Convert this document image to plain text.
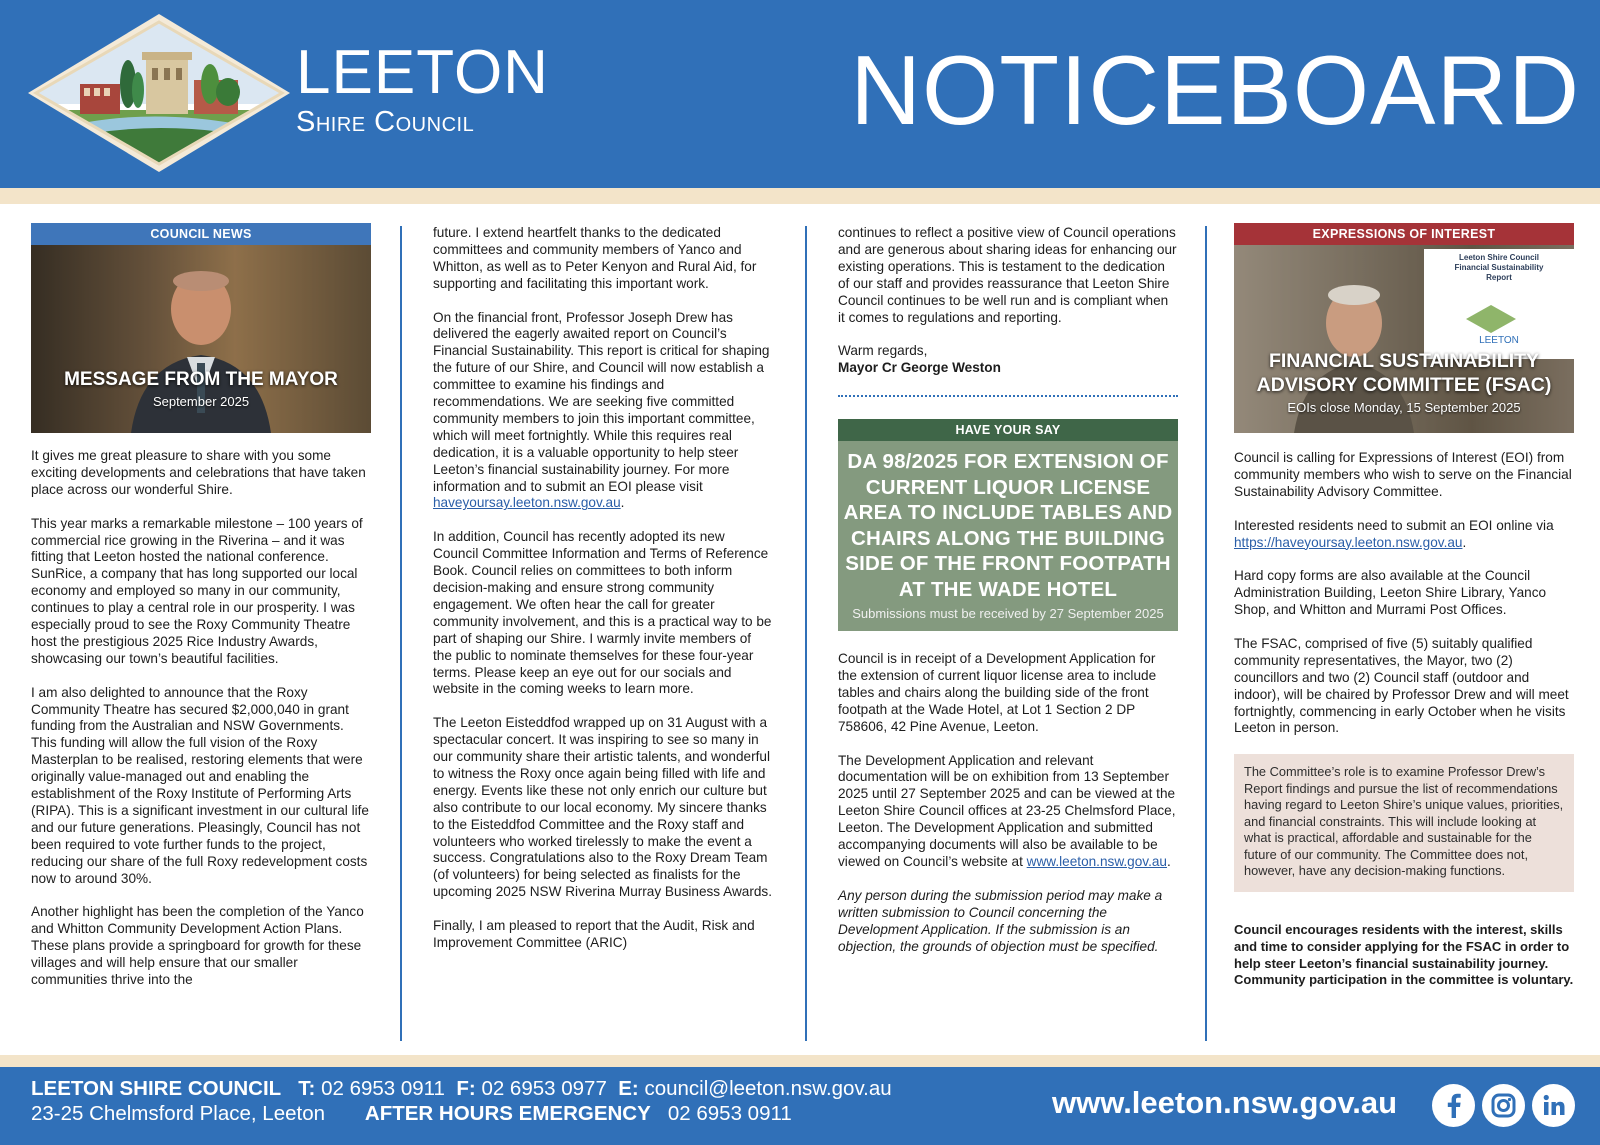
LEETON
Shire Council	NOTICEBOARD
COUNCIL NEWS
MESSAGE FROM THE MAYOR
September 2025

It gives me great pleasure to share with you some exciting developments and celebrations that have taken place across our wonderful Shire.

This year marks a remarkable milestone – 100 years of commercial rice growing in the Riverina – and it was fitting that Leeton hosted the national conference. SunRice, a company that has long supported our local economy and employed so many in our community, continues to play a central role in our prosperity. I was especially proud to see the Roxy Community Theatre host the prestigious 2025 Rice Industry Awards, showcasing our town’s beautiful facilities.

I am also delighted to announce that the Roxy Community Theatre has secured $2,000,040 in grant funding from the Australian and NSW Governments. This funding will allow the full vision of the Roxy Masterplan to be realised, restoring elements that were originally value-managed out and enabling the establishment of the Roxy Institute of Performing Arts (RIPA). This is a significant investment in our cultural life and our future generations. Pleasingly, Council has not been required to vote further funds to the project, reducing our share of the full Roxy redevelopment costs now to around 30%.

Another highlight has been the completion of the Yanco and Whitton Community Development Action Plans. These plans provide a springboard for growth for these villages and will help ensure that our smaller communities thrive into the

future. I extend heartfelt thanks to the dedicated committees and community members of Yanco and Whitton, as well as to Peter Kenyon and Rural Aid, for supporting and facilitating this important work.

On the financial front, Professor Joseph Drew has delivered the eagerly awaited report on Council’s Financial Sustainability. This report is critical for shaping the future of our Shire, and Council will now establish a committee to examine his findings and recommendations. We are seeking five committed community members to join this important committee, which will meet fortnightly. While this requires real dedication, it is a valuable opportunity to help steer Leeton’s financial sustainability journey. For more information and to submit an EOI please visit haveyoursay.leeton.nsw.gov.au.

In addition, Council has recently adopted its new Council Committee Information and Terms of Reference Book. Council relies on committees to both inform decision-making and ensure strong community engagement. We often hear the call for greater community involvement, and this is a practical way to be part of shaping our Shire. I warmly invite members of the public to nominate themselves for these four-year terms. Please keep an eye out for our socials and website in the coming weeks to learn more.

The Leeton Eisteddfod wrapped up on 31 August with a spectacular concert. It was inspiring to see so many in our community share their artistic talents, and wonderful to witness the Roxy once again being filled with life and energy. Events like these not only enrich our culture but also contribute to our local economy. My sincere thanks to the Eisteddfod Committee and the Roxy staff and volunteers who worked tirelessly to make the event a success. Congratulations also to the Roxy Dream Team (of volunteers) for being selected as finalists for the upcoming 2025 NSW Riverina Murray Business Awards.

Finally, I am pleased to report that the Audit, Risk and Improvement Committee (ARIC)

continues to reflect a positive view of Council operations and are generous about sharing ideas for enhancing our existing operations. This is testament to the dedication of our staff and provides reassurance that Leeton Shire Council continues to be well run and is compliant when it comes to regulations and reporting.

Warm regards,

Mayor Cr George Weston

HAVE YOUR SAY
DA 98/2025 FOR EXTENSION OF CURRENT LIQUOR LICENSE AREA TO INCLUDE TABLES AND CHAIRS ALONG THE BUILDING SIDE OF THE FRONT FOOTPATH AT THE WADE HOTEL
Submissions must be received by 27 September 2025

Council is in receipt of a Development Application for the extension of current liquor license area to include tables and chairs along the building side of the front footpath at the Wade Hotel, at Lot 1 Section 2 DP 758606, 42 Pine Avenue, Leeton.

The Development Application and relevant documentation will be on exhibition from 13 September 2025 until 27 September 2025 and can be viewed at the Leeton Shire Council offices at 23-25 Chelmsford Place, Leeton. The Development Application and submitted accompanying documents will also be available to be viewed on Council’s website at www.leeton.nsw.gov.au.

Any person during the submission period may make a written submission to Council concerning the Development Application. If the submission is an objection, the grounds of objection must be specified.

EXPRESSIONS OF INTEREST
Leeton Shire Council
Financial Sustainability
Report
LEETON
FINANCIAL SUSTAINABILITY ADVISORY COMMITTEE (FSAC)
EOIs close Monday, 15 September 2025

Council is calling for Expressions of Interest (EOI) from community members who wish to serve on the Financial Sustainability Advisory Committee.

Interested residents need to submit an EOI online via https://haveyoursay.leeton.nsw.gov.au.

Hard copy forms are also available at the Council Administration Building, Leeton Shire Library, Yanco Shop, and Whitton and Murrami Post Offices.

The FSAC, comprised of five (5) suitably qualified community representatives, the Mayor, two (2) councillors and two (2) Council staff (outdoor and indoor), will be chaired by Professor Drew and will meet fortnightly, commencing in early October when he visits Leeton in person.

The Committee’s role is to examine Professor Drew’s Report findings and pursue the list of recommendations having regard to Leeton Shire’s unique values, priorities, and financial constraints. This will include looking at what is practical, affordable and sustainable for the future of our community. The Committee does not, however, have any decision-making functions.
Council encourages residents with the interest, skills and time to consider applying for the FSAC in order to help steer Leeton’s financial sustainability journey. Community participation in the committee is voluntary.
LEETON SHIRE COUNCIL T: 02 6953 0911 F: 02 6953 0977 E: council@leeton.nsw.gov.au
23-25 Chelmsford Place, Leeton AFTER HOURS EMERGENCY 02 6953 0911	www.leeton.nsw.gov.au
